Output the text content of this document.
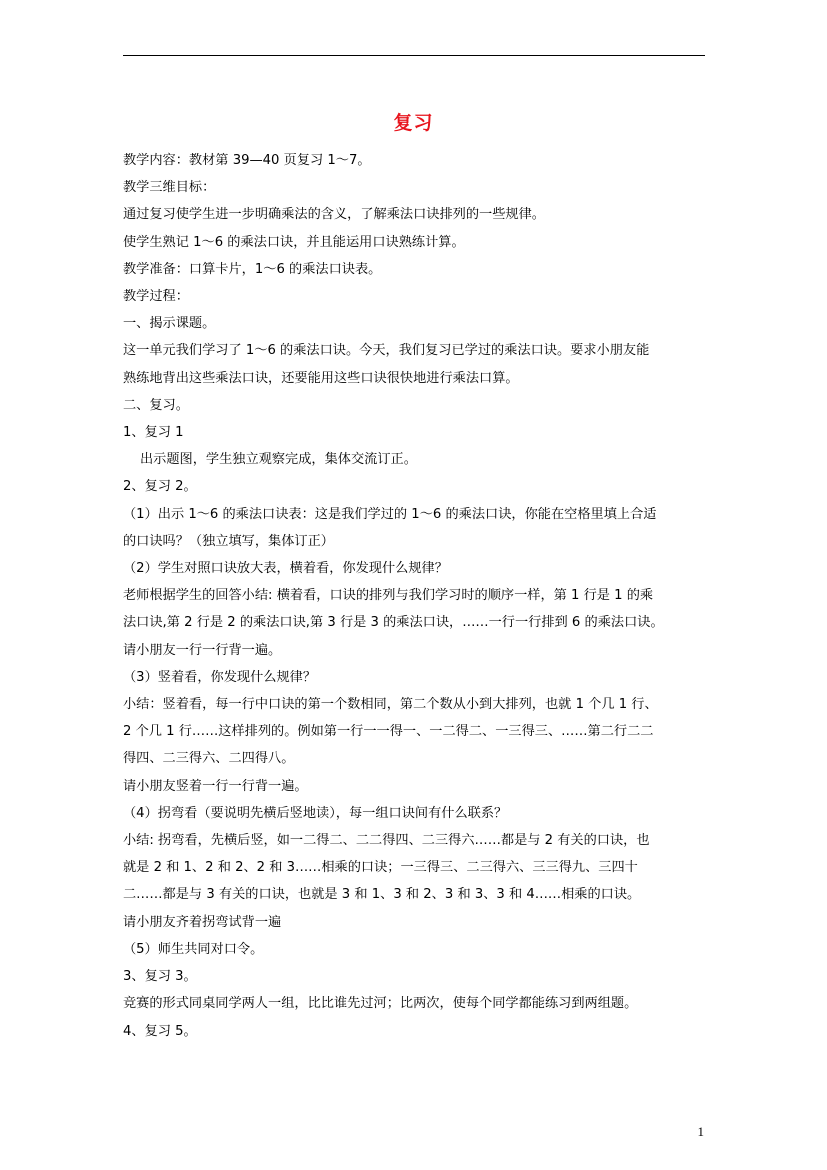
复习

教学内容：教材第 39—40 页复习 1～7。

教学三维目标：

通过复习使学生进一步明确乘法的含义，了解乘法口诀排列的一些规律。

使学生熟记 1～6 的乘法口诀，并且能运用口诀熟练计算。

教学准备：口算卡片，1～6 的乘法口诀表。

教学过程：

一、揭示课题。

这一单元我们学习了 1～6 的乘法口诀。今天，我们复习已学过的乘法口诀。要求小朋友能

熟练地背出这些乘法口诀，还要能用这些口诀很快地进行乘法口算。

二、复习。

1、复习 1

出示题图，学生独立观察完成，集体交流订正。

2、复习 2。

（1）出示 1～6 的乘法口诀表：这是我们学过的 1～6 的乘法口诀，你能在空格里填上合适

的口诀吗？（独立填写，集体订正）

（2）学生对照口诀放大表，横着看，你发现什么规律？

老师根据学生的回答小结: 横着看，口诀的排列与我们学习时的顺序一样，第 1 行是 1 的乘

法口诀,第 2 行是 2 的乘法口诀,第 3 行是 3 的乘法口诀，……一行一行排到 6 的乘法口诀。

请小朋友一行一行背一遍。

（3）竖着看，你发现什么规律？

小结：竖着看，每一行中口诀的第一个数相同，第二个数从小到大排列，也就 1 个几 1 行、

2 个几 1 行……这样排列的。例如第一行一一得一、一二得二、一三得三、……第二行二二

得四、二三得六、二四得八。

请小朋友竖着一行一行背一遍。

（4）拐弯看（要说明先横后竖地读），每一组口诀间有什么联系？

小结: 拐弯看，先横后竖，如一二得二、二二得四、二三得六……都是与 2 有关的口诀，也

就是 2 和 1、2 和 2、2 和 3……相乘的口诀；一三得三、二三得六、三三得九、三四十

二……都是与 3 有关的口诀，也就是 3 和 1、3 和 2、3 和 3、3 和 4……相乘的口诀。

请小朋友齐着拐弯试背一遍

（5）师生共同对口令。

3、复习 3。

竞赛的形式同桌同学两人一组，比比谁先过河；比两次，使每个同学都能练习到两组题。

4、复习 5。

1
